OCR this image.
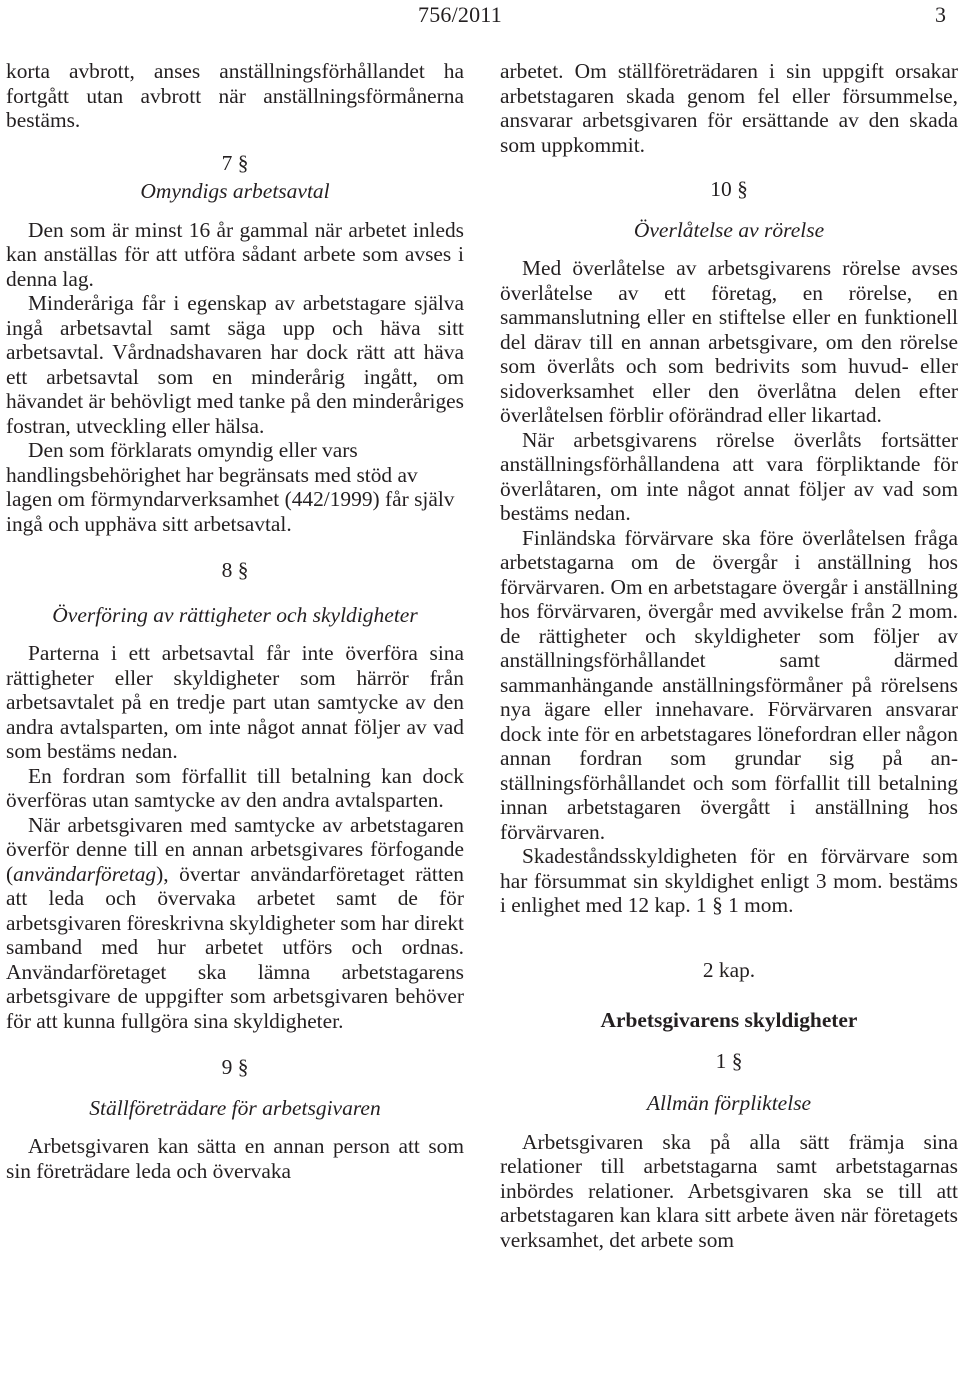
756/2011	3

korta avbrott, anses anställningsförhållandet ha fortgått utan avbrott när anställningsförmånerna bestäms.

7 §
Omyndigs arbetsavtal

Den som är minst 16 år gammal när arbetet inleds kan anställas för att utföra sådant arbete som avses i denna lag.

Minderåriga får i egenskap av arbetstagare själva ingå arbetsavtal samt säga upp och häva sitt arbetsavtal. Vårdnadshavaren har dock rätt att häva ett arbetsavtal som en minderårig ingått, om hävandet är behövligt med tanke på den minderåriges fostran, utveckling eller hälsa.

Den som förklarats omyndig eller vars handlingsbehörighet har begränsats med stöd av lagen om förmyndarverksamhet (442/1999) får själv ingå och upphäva sitt arbetsavtal.

8 §
Överföring av rättigheter och skyldigheter

Parterna i ett arbetsavtal får inte överföra sina rättigheter eller skyldigheter som härrör från arbetsavtalet på en tredje part utan samtycke av den andra avtalsparten, om inte något annat följer av vad som bestäms nedan.

En fordran som förfallit till betalning kan dock överföras utan samtycke av den andra avtalsparten.

När arbetsgivaren med samtycke av arbetstagaren överför denne till en annan arbetsgivares förfogande (användarföretag), övertar användarföretaget rätten att leda och övervaka arbetet samt de för arbetsgivaren föreskrivna skyldigheter som har direkt samband med hur arbetet utförs och ordnas. Användarföretaget ska lämna arbetstagarens arbetsgivare de uppgifter som arbetsgivaren behöver för att kunna fullgöra sina skyldigheter.

9 §
Ställföreträdare för arbetsgivaren

Arbetsgivaren kan sätta en annan person att som sin företrädare leda och övervaka

arbetet. Om ställföreträdaren i sin uppgift orsakar arbetstagaren skada genom fel eller försummelse, ansvarar arbetsgivaren för ersättande av den skada som uppkommit.

10 §
Överlåtelse av rörelse

Med överlåtelse av arbetsgivarens rörelse avses överlåtelse av ett företag, en rörelse, en sammanslutning eller en stiftelse eller en funktionell del därav till en annan arbetsgivare, om den rörelse som överlåts och som bedrivits som huvud- eller sidoverksamhet eller den överlåtna delen efter överlåtelsen förblir oförändrad eller likartad.

När arbetsgivarens rörelse överlåts fortsätter anställningsförhållandena att vara förpliktande för överlåtaren, om inte något annat följer av vad som bestäms nedan.

Finländska förvärvare ska före överlåtelsen fråga arbetstagarna om de övergår i anställning hos förvärvaren. Om en arbetstagare övergår i anställning hos förvärvaren, övergår med avvikelse från 2 mom. de rättigheter och skyldigheter som följer av anställningsförhållandet samt därmed sammanhängande anställningsförmåner på rörelsens nya ägare eller innehavare. Förvärvaren ansvarar dock inte för en arbetstagares lönefordran eller någon annan fordran som grundar sig på anställningsförhållandet och som förfallit till betalning innan arbetstagaren övergått i anställning hos förvärvaren.

Skadeståndsskyldigheten för en förvärvare som har försummat sin skyldighet enligt 3 mom. bestäms i enlighet med 12 kap. 1 § 1 mom.

2 kap.
Arbetsgivarens skyldigheter
1 §
Allmän förpliktelse

Arbetsgivaren ska på alla sätt främja sina relationer till arbetstagarna samt arbetstagarnas inbördes relationer. Arbetsgivaren ska se till att arbetstagaren kan klara sitt arbete även när företagets verksamhet, det arbete som
